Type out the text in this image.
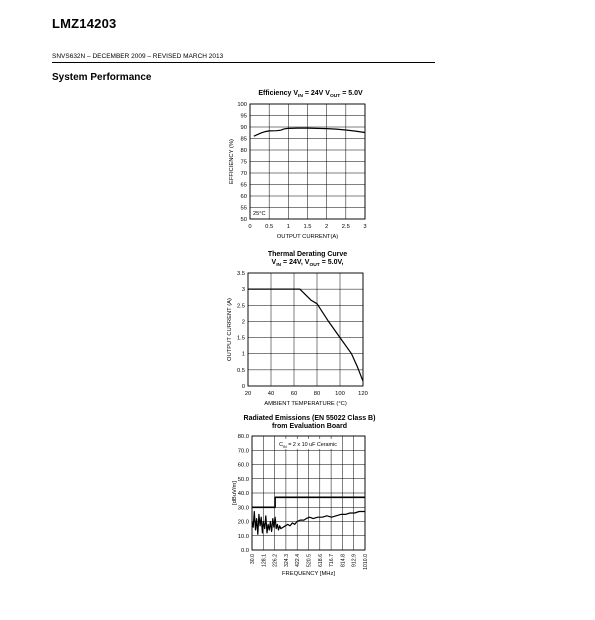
LMZ14203
SNVS632N – DECEMBER 2009 – REVISED MARCH 2013
System Performance
0 0.5 1 1.5 2 2.5 3
50
55
60
65
70
75
80
85
90
95
100
Efficiency $V_{IN} = 24V$ $V_{OUT} = 5.0V$
OUTPUT CURRENT(A)
EFFICIENCY (%)
25°C
20	40	60	80	100 120
0
0.5
1
1.5
2
2.5
3
3.5
Thermal Derating Curve
$V_{IN} = 24V$, $V_{OUT} = 5.0V$,
AMBIENT TEMPERATURE (°C)
OUTPUT CURRENT (A)
30.0 128.1 226.2 324.3 422.4 520.5 618.6 716.7 814.8 912.9 1010.0
0.0
10.0
20.0
30.0
40.0
50.0
60.0
70.0
80.0
Radiated Emissions (EN 55022 Class B)
from Evaluation Board
FREQUENCY [MHz]
[dBuV/m]
$C_{IN} = 2$ x 10 uF Ceramic
